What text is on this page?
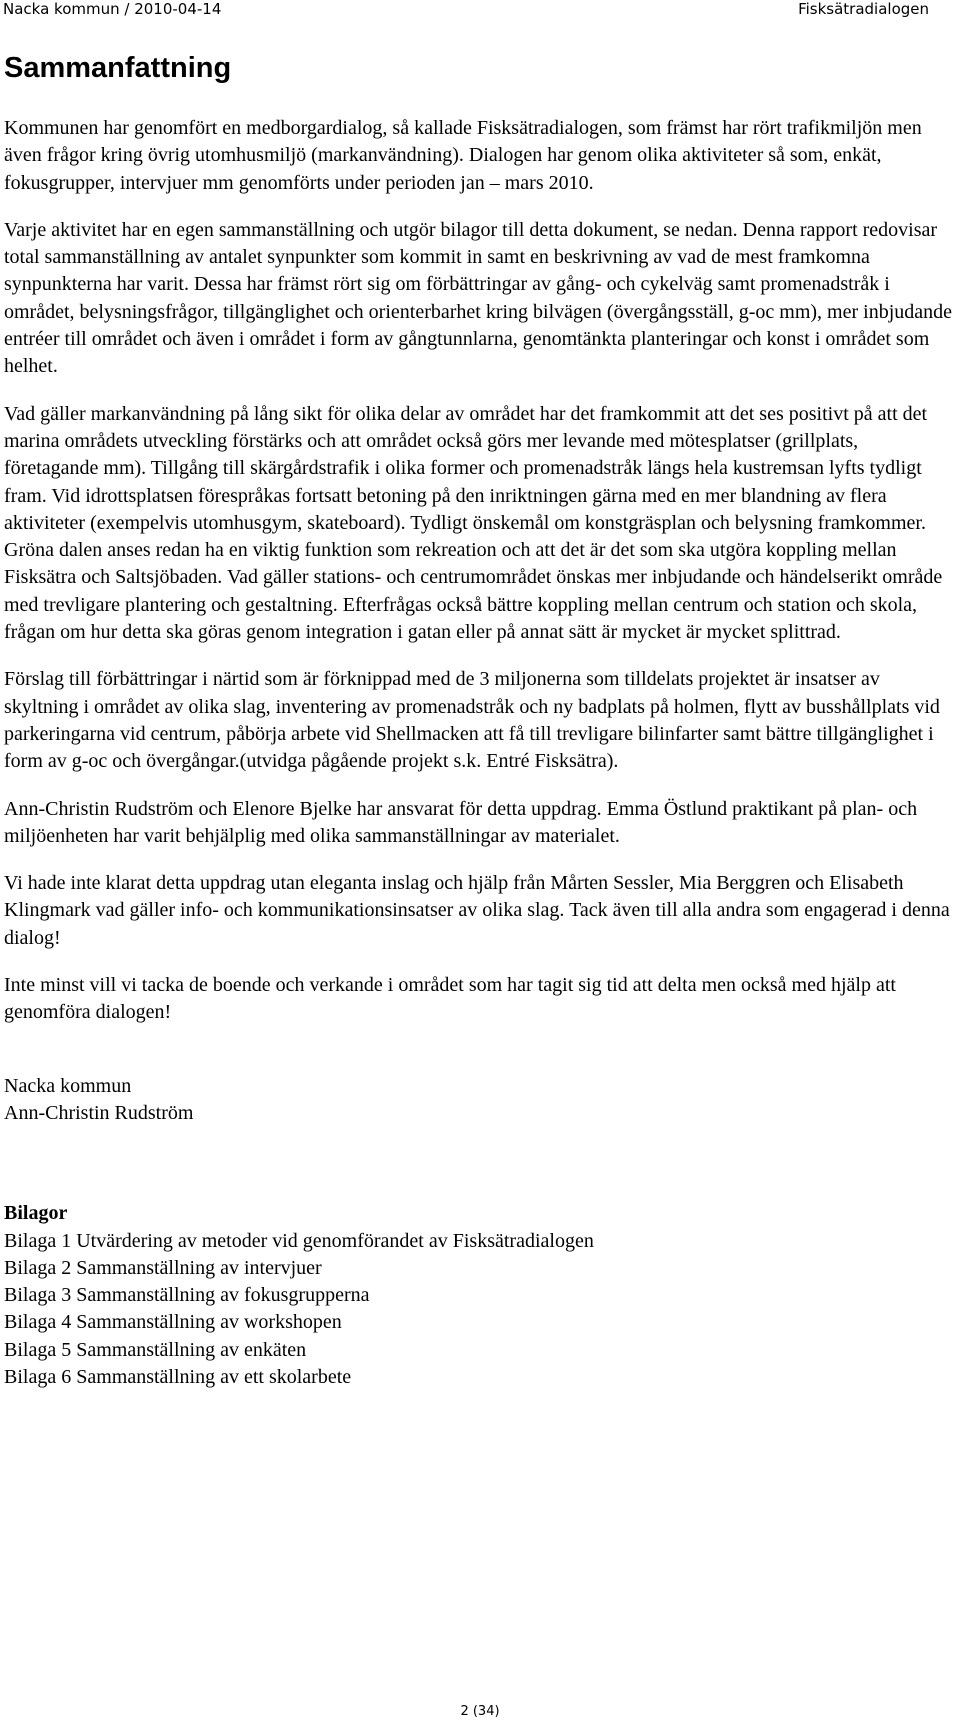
Nacka kommun / 2010-04-14	Fisksätradialogen
Sammanfattning

Kommunen har genomfört en medborgardialog, så kallade Fisksätradialogen, som främst har rört trafikmiljön men även frågor kring övrig utomhusmiljö (markanvändning). Dialogen har genom olika aktiviteter så som, enkät, fokusgrupper, intervjuer mm genomförts under perioden jan – mars 2010.

Varje aktivitet har en egen sammanställning och utgör bilagor till detta dokument, se nedan. Denna rapport redovisar total sammanställning av antalet synpunkter som kommit in samt en beskrivning av vad de mest framkomna synpunkterna har varit. Dessa har främst rört sig om förbättringar av gång- och cykelväg samt promenadstråk i området, belysningsfrågor, tillgänglighet och orienterbarhet kring bilvägen (övergångsställ, g-oc mm), mer inbjudande entréer till området och även i området i form av gångtunnlarna, genomtänkta planteringar och konst i området som helhet.

Vad gäller markanvändning på lång sikt för olika delar av området har det framkommit att det ses positivt på att det marina områdets utveckling förstärks och att området också görs mer levande med mötesplatser (grillplats, företagande mm). Tillgång till skärgårdstrafik i olika former och promenadstråk längs hela kustremsan lyfts tydligt fram. Vid idrottsplatsen förespråkas fortsatt betoning på den inriktningen gärna med en mer blandning av flera aktiviteter (exempelvis utomhusgym, skateboard). Tydligt önskemål om konstgräsplan och belysning framkommer. Gröna dalen anses redan ha en viktig funktion som rekreation och att det är det som ska utgöra koppling mellan Fisksätra och Saltsjöbaden. Vad gäller stations- och centrumområdet önskas mer inbjudande och händelserikt område med trevligare plantering och gestaltning. Efterfrågas också bättre koppling mellan centrum och station och skola, frågan om hur detta ska göras genom integration i gatan eller på annat sätt är mycket är mycket splittrad.

Förslag till förbättringar i närtid som är förknippad med de 3 miljonerna som tilldelats projektet är insatser av skyltning i området av olika slag, inventering av promenadstråk och ny badplats på holmen, flytt av busshållplats vid parkeringarna vid centrum, påbörja arbete vid Shellmacken att få till trevligare bilinfarter samt bättre tillgänglighet i form av g-oc och övergångar.(utvidga pågående projekt s.k. Entré Fisksätra).

Ann-Christin Rudström och Elenore Bjelke har ansvarat för detta uppdrag. Emma Östlund praktikant på plan- och miljöenheten har varit behjälplig med olika sammanställningar av materialet.

Vi hade inte klarat detta uppdrag utan eleganta inslag och hjälp från Mårten Sessler, Mia Berggren och Elisabeth Klingmark vad gäller info- och kommunikationsinsatser av olika slag. Tack även till alla andra som engagerad i denna dialog!

Inte minst vill vi tacka de boende och verkande i området som har tagit sig tid att delta men också med hjälp att genomföra dialogen!

Nacka kommun

Ann-Christin Rudström

Bilagor

Bilaga 1 Utvärdering av metoder vid genomförandet av Fisksätradialogen
Bilaga 2 Sammanställning av intervjuer
Bilaga 3 Sammanställning av fokusgrupperna
Bilaga 4 Sammanställning av workshopen
Bilaga 5 Sammanställning av enkäten
Bilaga 6 Sammanställning av ett skolarbete
2 (34)
